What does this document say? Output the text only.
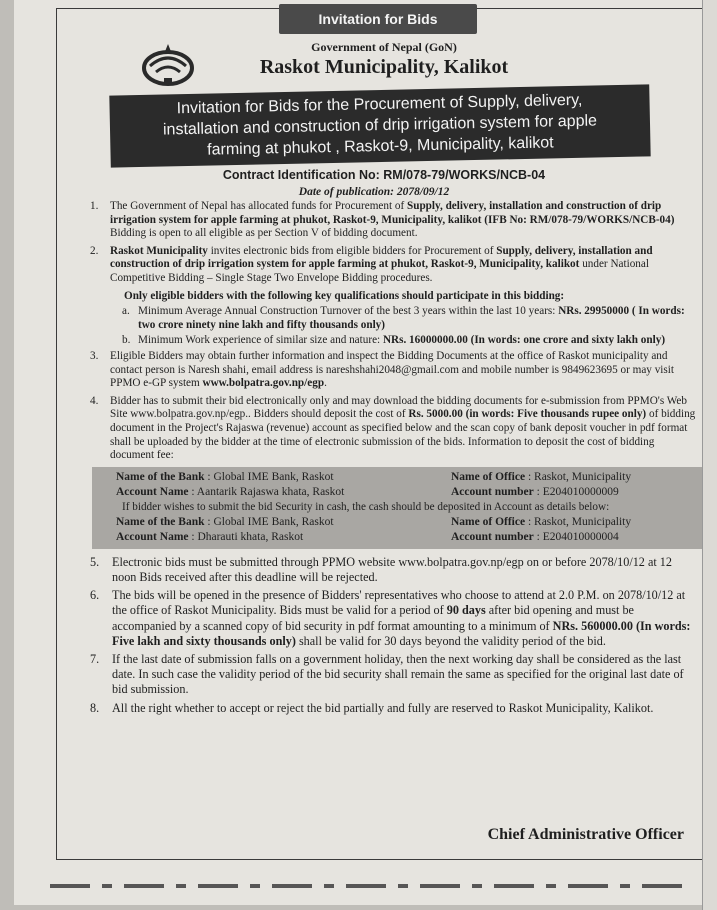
Invitation for Bids
Government of Nepal (GoN)
Raskot Municipality, Kalikot
Invitation for Bids for the Procurement of Supply, delivery,
installation and construction of drip irrigation system for apple
farming at phukot , Raskot-9, Municipality, kalikot
Contract Identification No: RM/078-79/WORKS/NCB-04
Date of publication: 2078/09/12
1. The Government of Nepal has allocated funds for Procurement of Supply, delivery, installation and construction of drip irrigation system for apple farming at phukot, Raskot-9, Municipality, kalikot (IFB No: RM/078-79/WORKS/NCB-04) Bidding is open to all eligible as per Section V of bidding document.
2. Raskot Municipality invites electronic bids from eligible bidders for Procurement of Supply, delivery, installation and construction of drip irrigation system for apple farming at phukot, Raskot-9, Municipality, kalikot under National Competitive Bidding – Single Stage Two Envelope Bidding procedures.
Only eligible bidders with the following key qualifications should participate in this bidding:
a. Minimum Average Annual Construction Turnover of the best 3 years within the last 10 years: NRs. 29950000 ( In words: two crore ninety nine lakh and fifty thousands only)
b. Minimum Work experience of similar size and nature: NRs. 16000000.00 (In words: one crore and sixty lakh only)
3. Eligible Bidders may obtain further information and inspect the Bidding Documents at the office of Raskot municipality and contact person is Naresh shahi, email address is nareshshahi2048@gmail.com and mobile number is 9849623695 or may visit PPMO e-GP system www.bolpatra.gov.np/egp.
4. Bidder has to submit their bid electronically only and may download the bidding documents for e-submission from PPMO's Web Site www.bolpatra.gov.np/egp.. Bidders should deposit the cost of Rs. 5000.00 (in words: Five thousands rupee only) of bidding document in the Project's Rajaswa (revenue) account as specified below and the scan copy of bank deposit voucher in pdf format shall be uploaded by the bidder at the time of electronic submission of the bids. Information to deposit the cost of bidding document fee:
Name of the Bank : Global IME Bank, Raskot	Name of Office : Raskot, Municipality
Account Name : Aantarik Rajaswa khata, Raskot	Account number : E204010000009
If bidder wishes to submit the bid Security in cash, the cash should be deposited in Account as details below:
Name of the Bank : Global IME Bank, Raskot	Name of Office : Raskot, Municipality
Account Name : Dharauti khata, Raskot	Account number : E204010000004
5. Electronic bids must be submitted through PPMO website www.bolpatra.gov.np/egp on or before 2078/10/12 at 12 noon Bids received after this deadline will be rejected.
6. The bids will be opened in the presence of Bidders' representatives who choose to attend at 2.0 P.M. on 2078/10/12 at the office of Raskot Municipality. Bids must be valid for a period of 90 days after bid opening and must be accompanied by a scanned copy of bid security in pdf format amounting to a minimum of NRs. 560000.00 (In words: Five lakh and sixty thousands only) shall be valid for 30 days beyond the validity period of the bid.
7. If the last date of submission falls on a government holiday, then the next working day shall be considered as the last date. In such case the validity period of the bid security shall remain the same as specified for the original last date of bid submission.
8. All the right whether to accept or reject the bid partially and fully are reserved to Raskot Municipality, Kalikot.
Chief Administrative Officer
